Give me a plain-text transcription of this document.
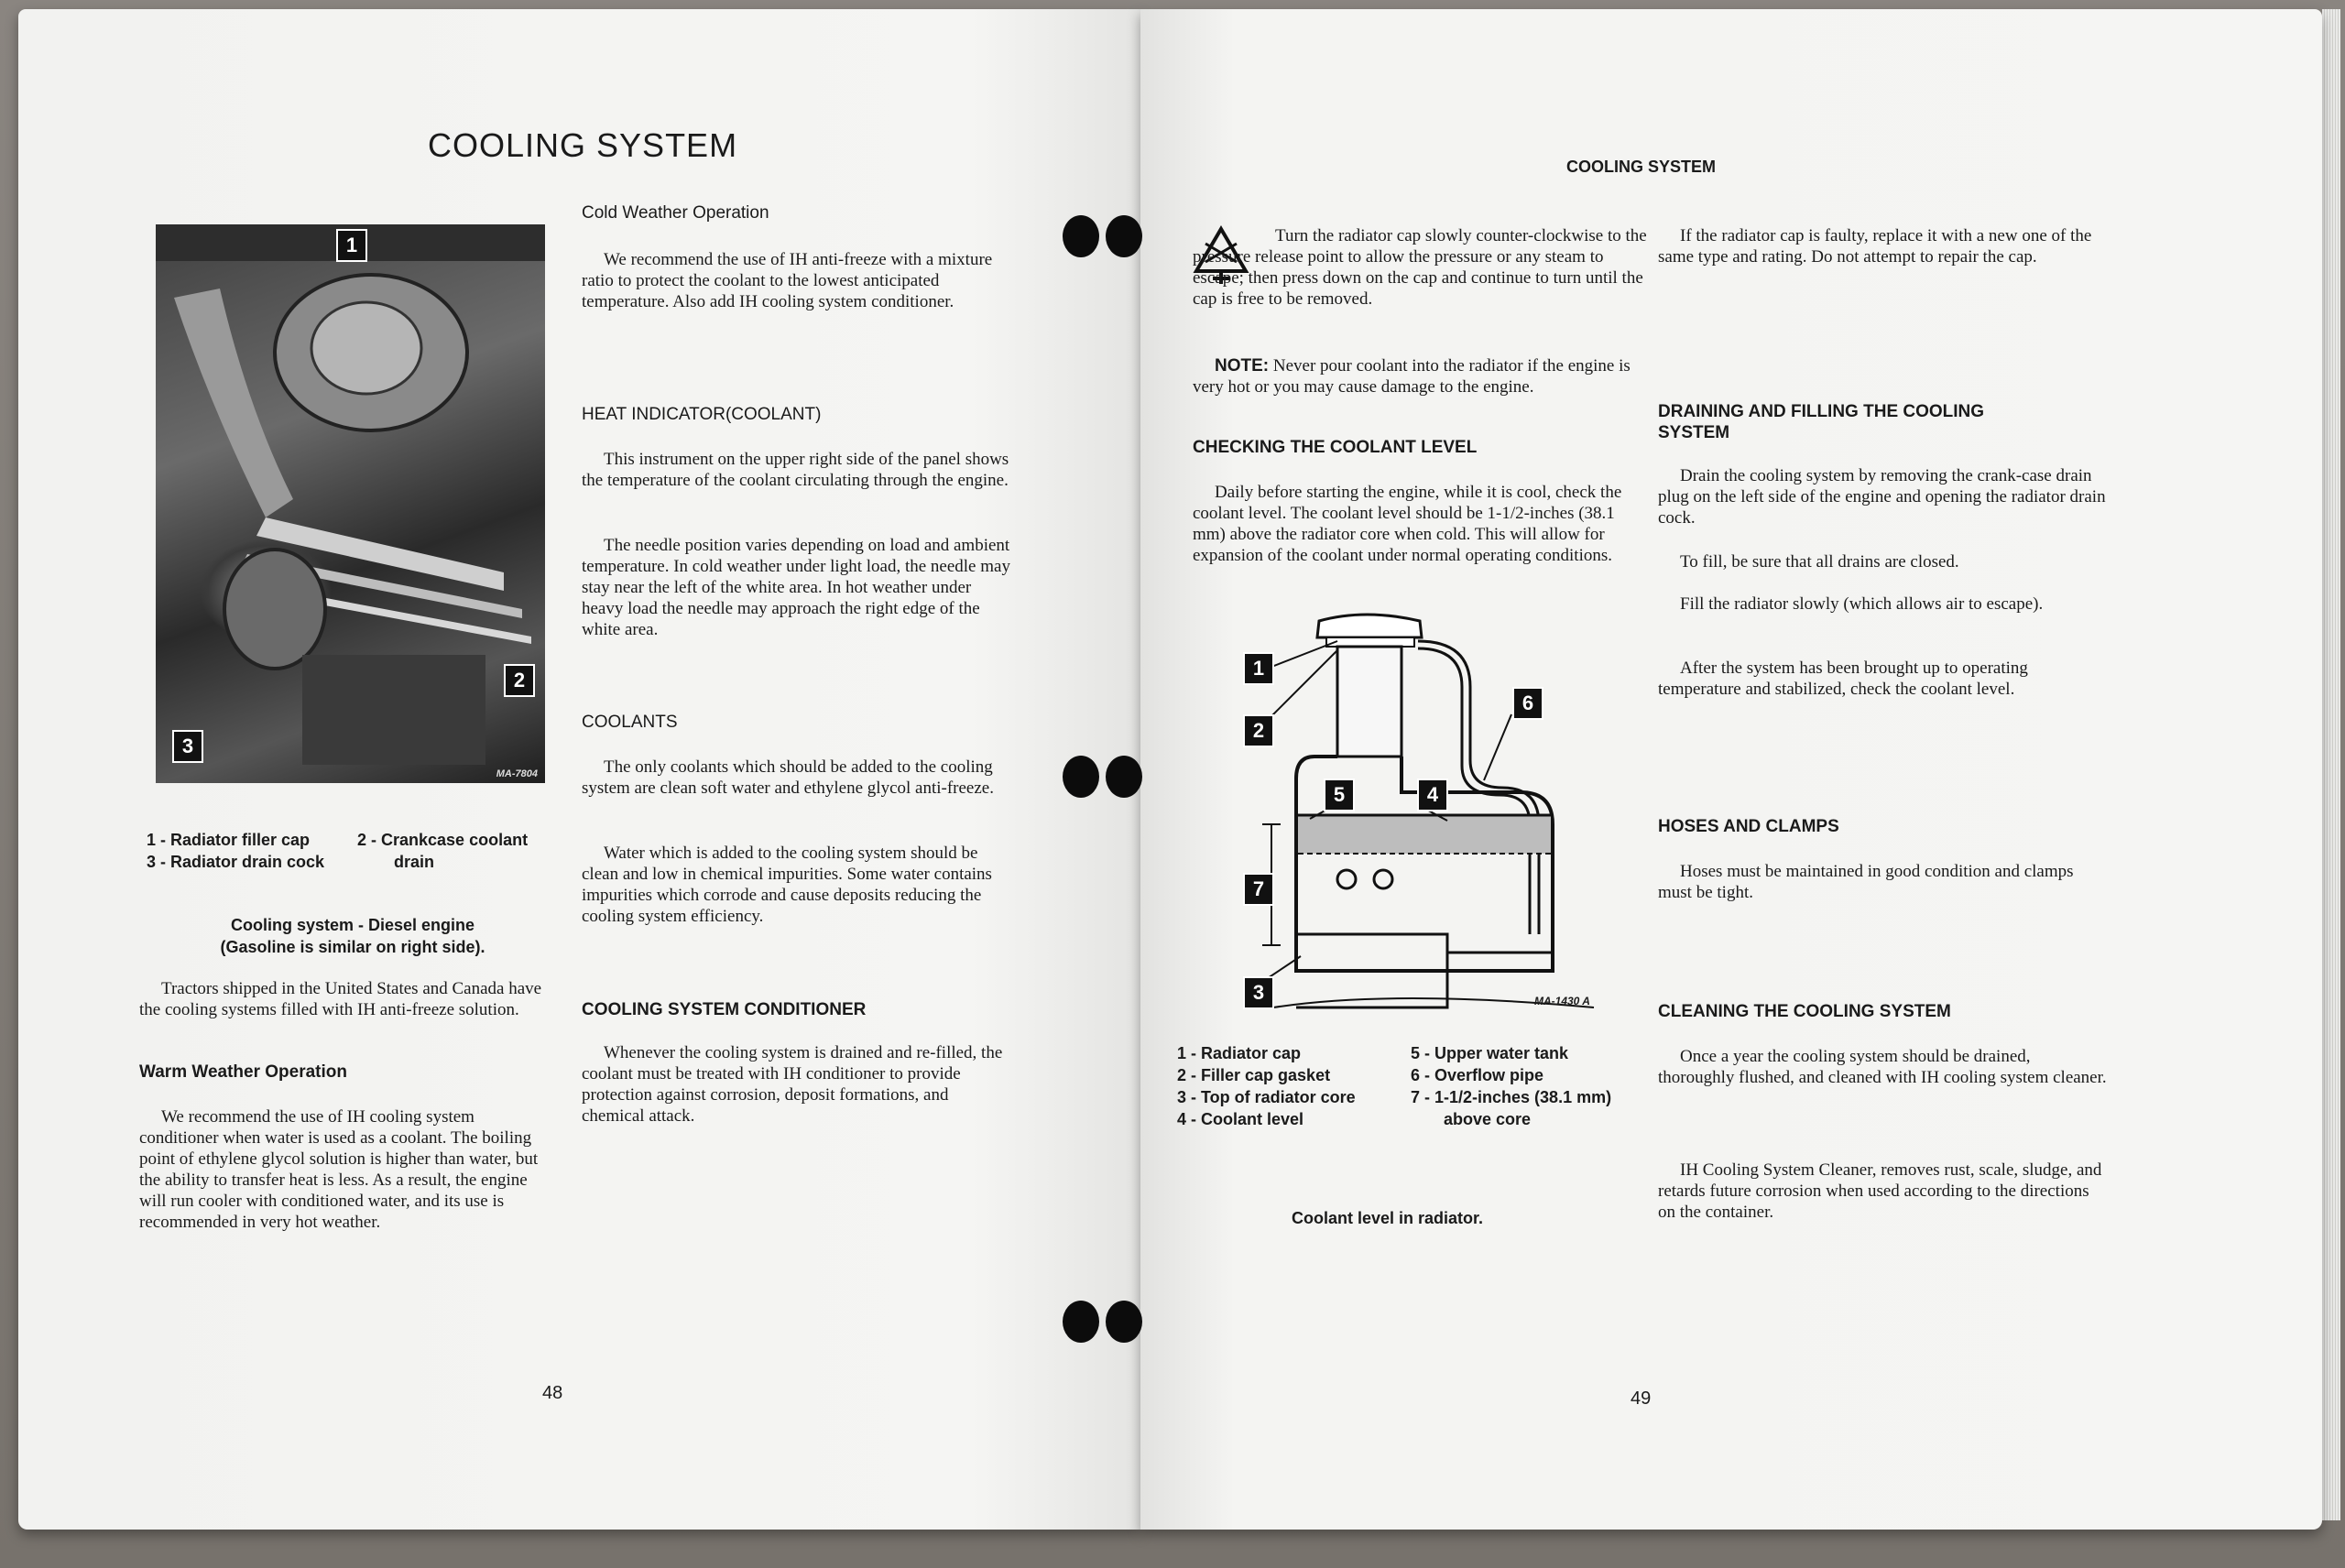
COOLING SYSTEM
1
2
3
MA-7804
1 - Radiator filler cap	2 - Crankcase coolant
3 - Radiator drain cock	drain
Cooling system - Diesel engine
(Gasoline is similar on right side).

Tractors shipped in the United States and Canada have the cooling systems filled with IH anti-freeze solution.

Warm Weather Operation

We recommend the use of IH cooling system conditioner when water is used as a coolant. The boiling point of ethylene glycol solution is higher than water, but the ability to transfer heat is less. As a result, the engine will run cooler with conditioned water, and its use is recommended in very hot weather.

Cold Weather Operation

We recommend the use of IH anti-freeze with a mixture ratio to protect the coolant to the lowest anticipated temperature. Also add IH cooling system conditioner.

HEAT INDICATOR(COOLANT)

This instrument on the upper right side of the panel shows the temperature of the coolant circulating through the engine.

The needle position varies depending on load and ambient temperature. In cold weather under light load, the needle may stay near the left of the white area. In hot weather under heavy load the needle may approach the right edge of the white area.

COOLANTS

The only coolants which should be added to the cooling system are clean soft water and ethylene glycol anti-freeze.

Water which is added to the cooling system should be clean and low in chemical impurities. Some water contains impurities which corrode and cause deposits reducing the cooling system efficiency.

COOLING SYSTEM CONDITIONER

Whenever the cooling system is drained and re-filled, the coolant must be treated with IH conditioner to provide protection against corrosion, deposit formations, and chemical attack.

48
COOLING SYSTEM

Turn the radiator cap slowly counter-clockwise to the pressure release point to allow the pressure or any steam to escape; then press down on the cap and continue to turn until the cap is free to be removed.

NOTE: Never pour coolant into the radiator if the engine is very hot or you may cause damage to the engine.
CHECKING THE COOLANT LEVEL

Daily before starting the engine, while it is cool, check the coolant level. The coolant level should be 1-1/2-inches (38.1 mm) above the radiator core when cold. This will allow for expansion of the coolant under normal operating conditions.

1
2
3
4
5
6
7
MA-1430 A
1 - Radiator cap
2 - Filler cap gasket
3 - Top of radiator core
4 - Coolant level
5 - Upper water tank
6 - Overflow pipe
7 - 1-1/2-inches (38.1 mm)
above core
Coolant level in radiator.

If the radiator cap is faulty, replace it with a new one of the same type and rating. Do not attempt to repair the cap.

DRAINING AND FILLING THE COOLING
SYSTEM

Drain the cooling system by removing the crank-case drain plug on the left side of the engine and opening the radiator drain cock.

To fill, be sure that all drains are closed.

Fill the radiator slowly (which allows air to escape).

After the system has been brought up to operating temperature and stabilized, check the coolant level.

HOSES AND CLAMPS

Hoses must be maintained in good condition and clamps must be tight.

CLEANING THE COOLING SYSTEM

Once a year the cooling system should be drained, thoroughly flushed, and cleaned with IH cooling system cleaner.

IH Cooling System Cleaner, removes rust, scale, sludge, and retards future corrosion when used according to the directions on the container.

49
